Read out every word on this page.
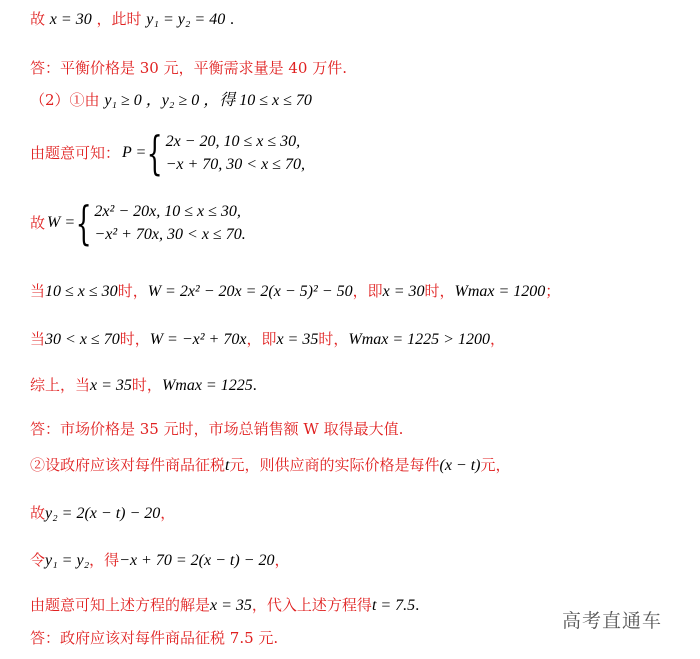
故 x = 30 ，此时 y₁ = y₂ = 40 .
答：平衡价格是 30 元，平衡需求量是 40 万件.
（2）①由 y₁ ≥ 0 ，y₂ ≥ 0 ，得 10 ≤ x ≤ 70
由题意可知： P = { 2x − 20, 10 ≤ x ≤ 30,
−x + 70, 30 < x ≤ 70,
故 W = { 2x² − 20x, 10 ≤ x ≤ 30,
−x² + 70x, 30 < x ≤ 70.
当10 ≤ x ≤ 30时，W = 2x² − 20x = 2(x − 5)² − 50，即x = 30时，Wmax = 1200；
当30 < x ≤ 70时，W = −x² + 70x，即x = 35时，Wmax = 1225 > 1200，
综上，当x = 35时，Wmax = 1225.
答：市场价格是 35 元时，市场总销售额 W 取得最大值.
②设政府应该对每件商品征税t元，则供应商的实际价格是每件(x − t)元，
故y₂ = 2(x − t) − 20，
令y₁ = y₂，得−x + 70 = 2(x − t) − 20，
由题意可知上述方程的解是x = 35，代入上述方程得t = 7.5.
答：政府应该对每件商品征税 7.5 元.
高考直通车
